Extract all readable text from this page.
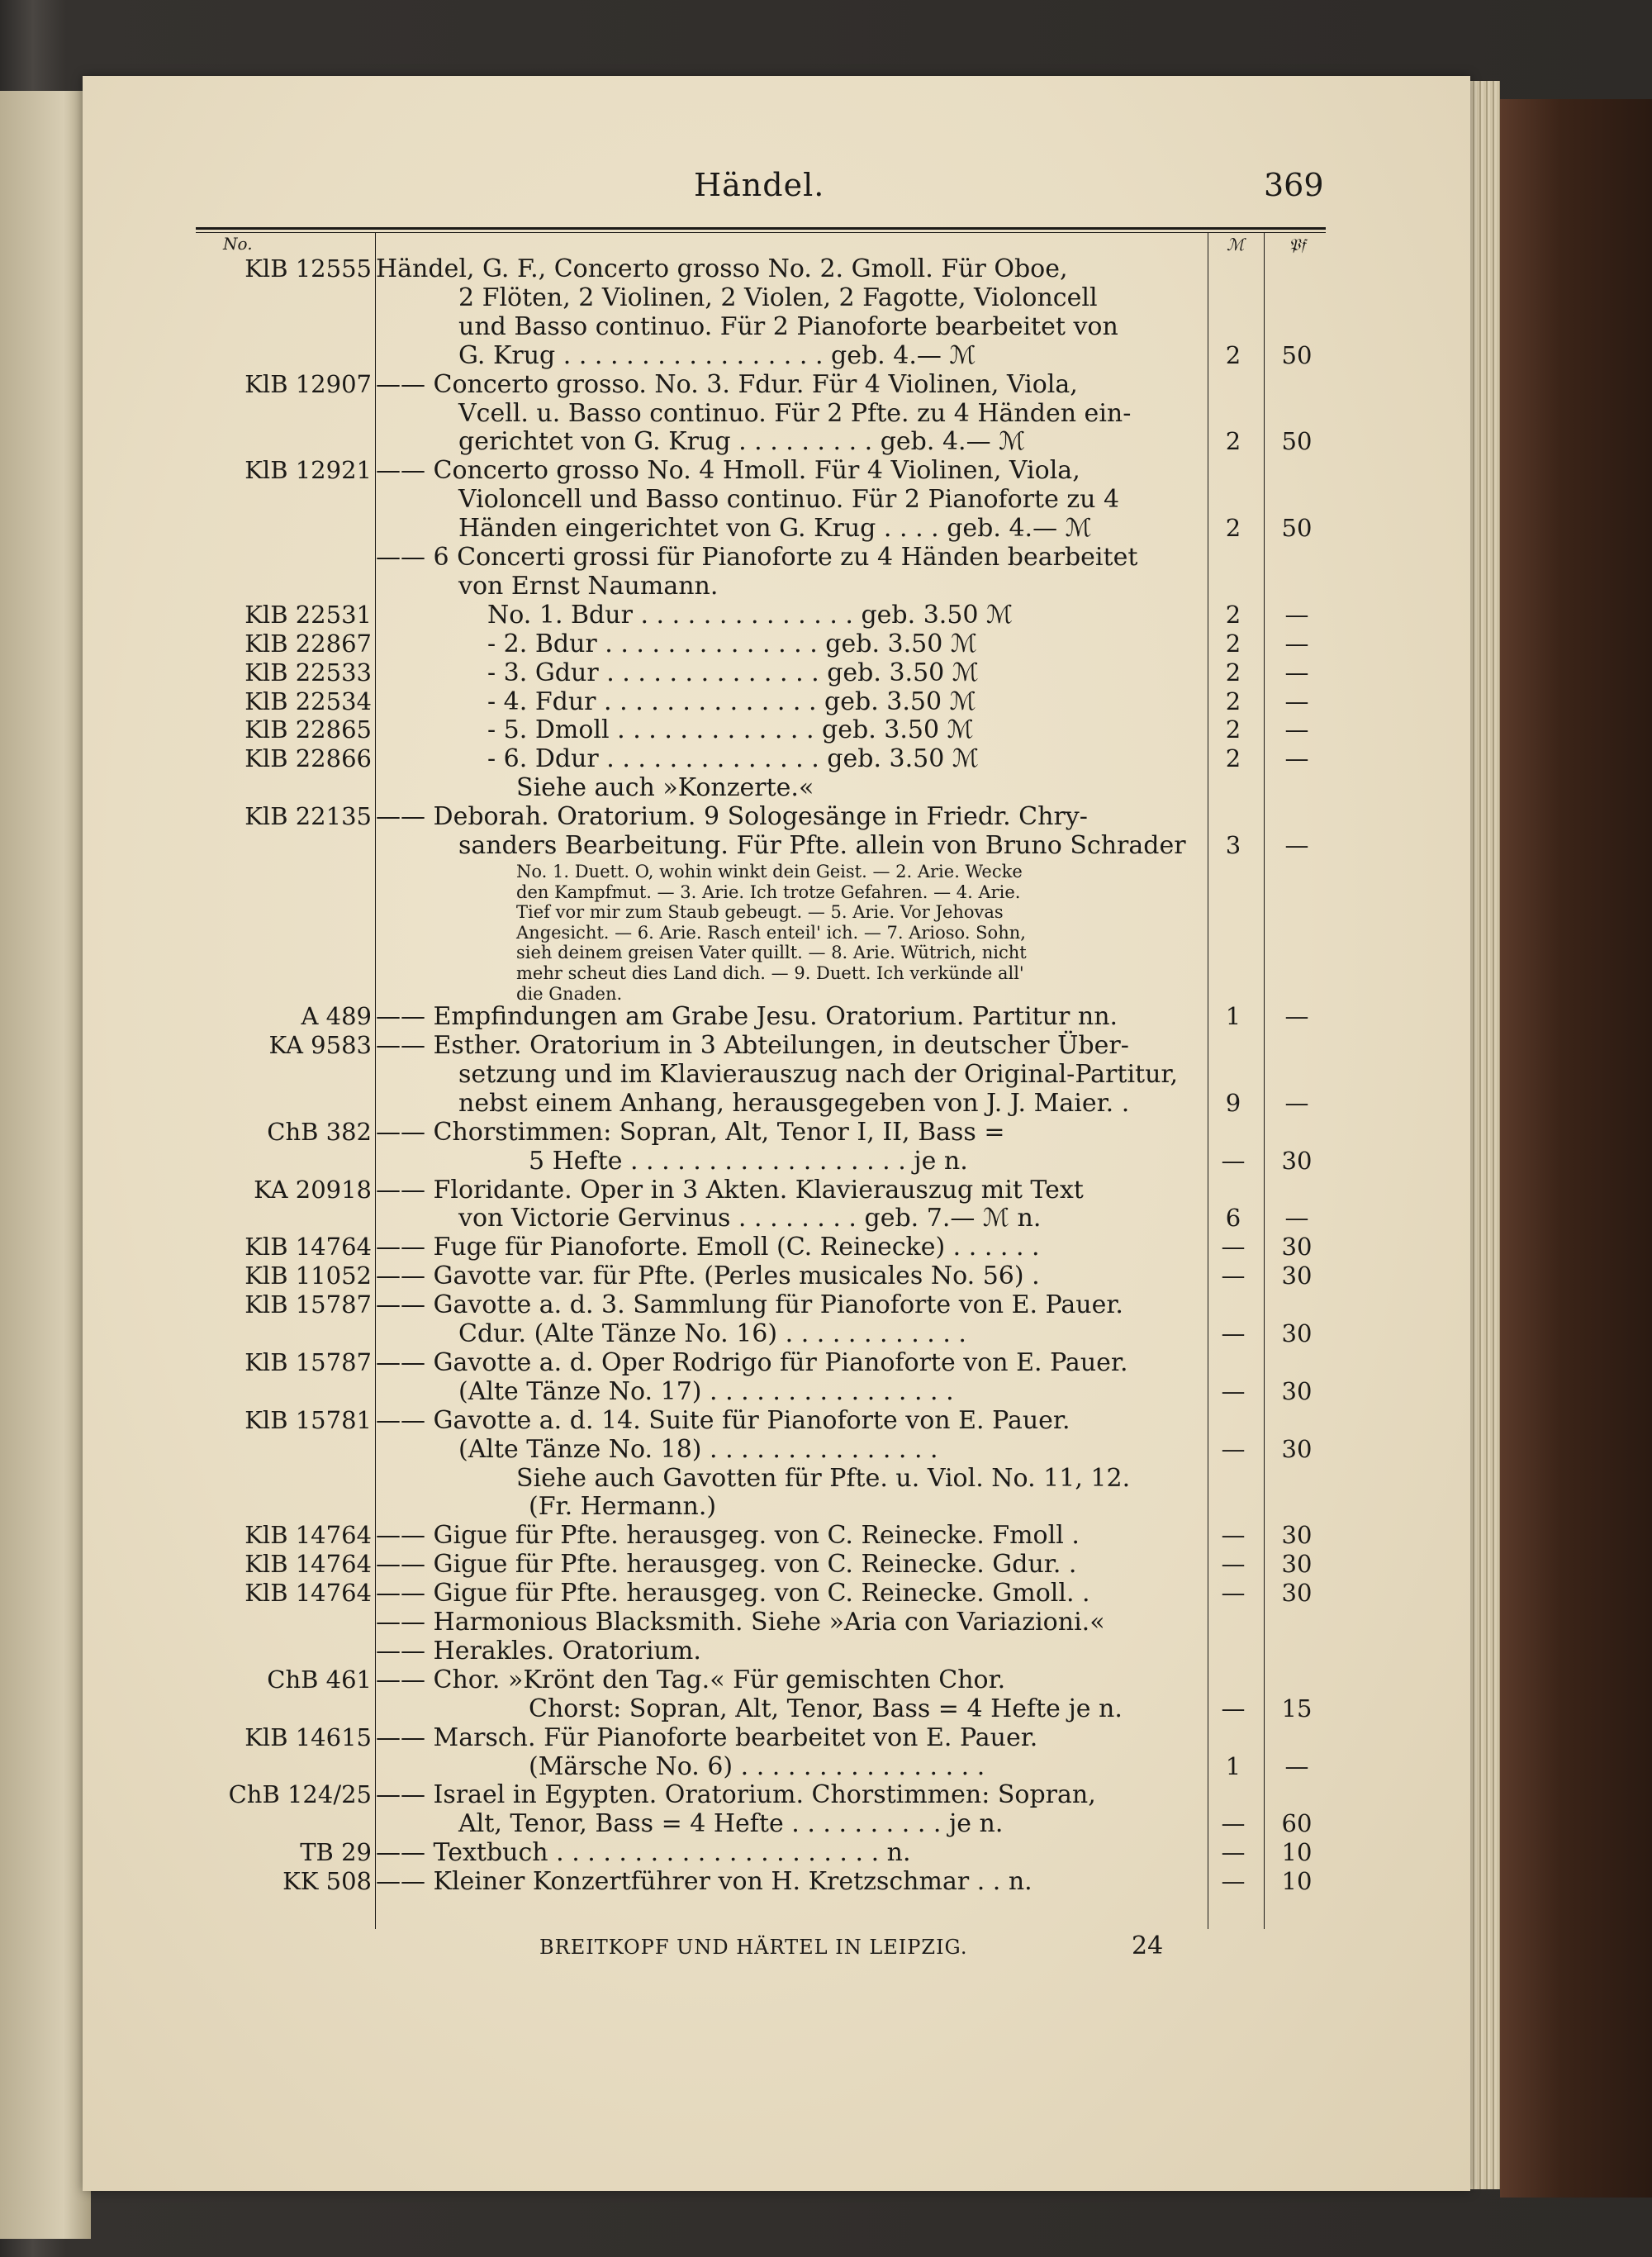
Händel.	369
No.	ℳ	𝔓𝔣
KlB 12555 Händel, G. F., Concerto grosso No. 2. Gmoll. Für Oboe,
2 Flöten, 2 Violinen, 2 Violen, 2 Fagotte, Violoncell
und Basso continuo. Für 2 Pianoforte bearbeitet von
G. Krug . . . . . . . . . . . . . . . . . geb. 4.— ℳ	2	50
KlB 12907 —— Concerto grosso. No. 3. Fdur. Für 4 Violinen, Viola,
Vcell. u. Basso continuo. Für 2 Pfte. zu 4 Händen ein-
gerichtet von G. Krug . . . . . . . . . geb. 4.— ℳ	2	50
KlB 12921 —— Concerto grosso No. 4 Hmoll. Für 4 Violinen, Viola,
Violoncell und Basso continuo. Für 2 Pianoforte zu 4
Händen eingerichtet von G. Krug . . . . geb. 4.— ℳ	2	50
—— 6 Concerti grossi für Pianoforte zu 4 Händen bearbeitet
von Ernst Naumann.
KlB 22531	No. 1. Bdur . . . . . . . . . . . . . . geb. 3.50 ℳ	2	—
KlB 22867	- 2. Bdur . . . . . . . . . . . . . . geb. 3.50 ℳ	2	—
KlB 22533	- 3. Gdur . . . . . . . . . . . . . . geb. 3.50 ℳ	2	—
KlB 22534	- 4. Fdur . . . . . . . . . . . . . . geb. 3.50 ℳ	2	—
KlB 22865	- 5. Dmoll . . . . . . . . . . . . . geb. 3.50 ℳ	2	—
KlB 22866	- 6. Ddur . . . . . . . . . . . . . . geb. 3.50 ℳ	2	—
Siehe auch »Konzerte.«
KlB 22135 —— Deborah. Oratorium. 9 Sologesänge in Friedr. Chry-
sanders Bearbeitung. Für Pfte. allein von Bruno Schrader	3	—
No. 1. Duett. O, wohin winkt dein Geist. — 2. Arie. Wecke
den Kampfmut. — 3. Arie. Ich trotze Gefahren. — 4. Arie.
Tief vor mir zum Staub gebeugt. — 5. Arie. Vor Jehovas
Angesicht. — 6. Arie. Rasch enteil' ich. — 7. Arioso. Sohn,
sieh deinem greisen Vater quillt. — 8. Arie. Wütrich, nicht
mehr scheut dies Land dich. — 9. Duett. Ich verkünde all'
die Gnaden.
A 489 —— Empfindungen am Grabe Jesu. Oratorium. Partitur nn.	1	—
KA 9583 —— Esther. Oratorium in 3 Abteilungen, in deutscher Über-
setzung und im Klavierauszug nach der Original-Partitur,
nebst einem Anhang, herausgegeben von J. J. Maier. .	9	—
ChB 382 —— Chorstimmen: Sopran, Alt, Tenor I, II, Bass =
5 Hefte . . . . . . . . . . . . . . . . . . je n.	—	30
KA 20918 —— Floridante. Oper in 3 Akten. Klavierauszug mit Text
von Victorie Gervinus . . . . . . . . geb. 7.— ℳ n.	6	—
KlB 14764 —— Fuge für Pianoforte. Emoll (C. Reinecke) . . . . . .	—	30
KlB 11052 —— Gavotte var. für Pfte. (Perles musicales No. 56) .	—	30
KlB 15787 —— Gavotte a. d. 3. Sammlung für Pianoforte von E. Pauer.
Cdur. (Alte Tänze No. 16) . . . . . . . . . . . .	—	30
KlB 15787 —— Gavotte a. d. Oper Rodrigo für Pianoforte von E. Pauer.
(Alte Tänze No. 17) . . . . . . . . . . . . . . . .	—	30
KlB 15781 —— Gavotte a. d. 14. Suite für Pianoforte von E. Pauer.
(Alte Tänze No. 18) . . . . . . . . . . . . . . .	—	30
Siehe auch Gavotten für Pfte. u. Viol. No. 11, 12.
(Fr. Hermann.)
KlB 14764 —— Gigue für Pfte. herausgeg. von C. Reinecke. Fmoll .	—	30
KlB 14764 —— Gigue für Pfte. herausgeg. von C. Reinecke. Gdur. .	—	30
KlB 14764 —— Gigue für Pfte. herausgeg. von C. Reinecke. Gmoll. .	—	30
—— Harmonious Blacksmith. Siehe »Aria con Variazioni.«
—— Herakles. Oratorium.
ChB 461 —— Chor. »Krönt den Tag.« Für gemischten Chor.
Chorst: Sopran, Alt, Tenor, Bass = 4 Hefte je n.	—	15
KlB 14615 —— Marsch. Für Pianoforte bearbeitet von E. Pauer.
(Märsche No. 6) . . . . . . . . . . . . . . . .	1	—
ChB 124/25 —— Israel in Egypten. Oratorium. Chorstimmen: Sopran,
Alt, Tenor, Bass = 4 Hefte . . . . . . . . . . je n.	—	60
TB 29 —— Textbuch . . . . . . . . . . . . . . . . . . . . . n.	—	10
KK 508 —— Kleiner Konzertführer von H. Kretzschmar . . n.	—	10
BREITKOPF UND HÄRTEL IN LEIPZIG.	24
